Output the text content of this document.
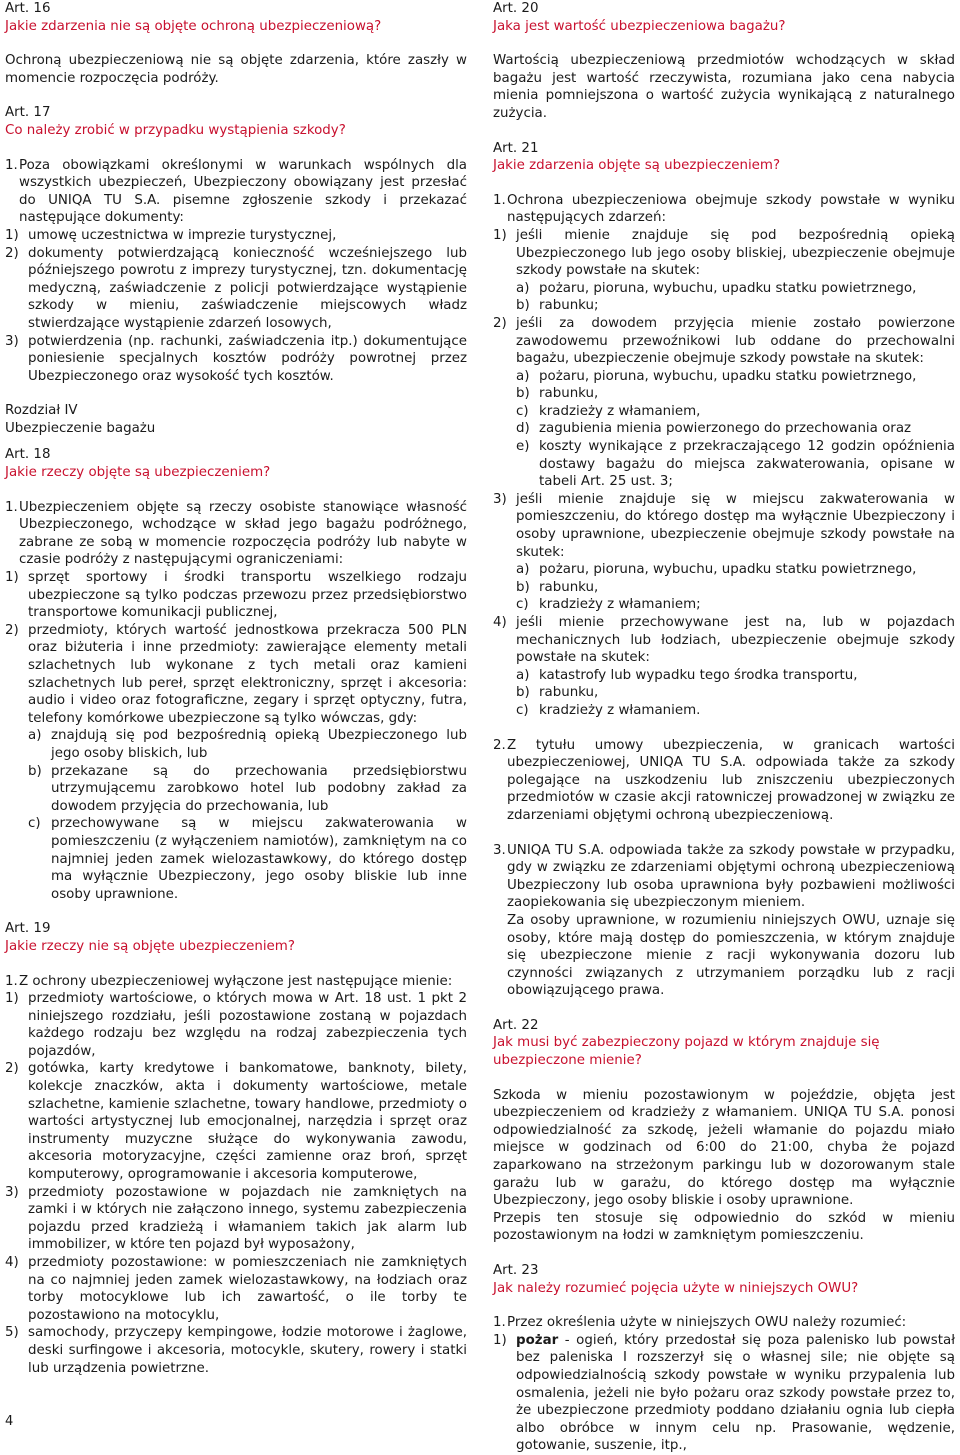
Art. 16
Jakie zdarzenia nie są objęte ochroną ubezpieczeniową?

Ochroną ubezpieczeniową nie są objęte zdarzenia, które zaszły w momencie rozpoczęcia podróży.

Art. 17
Co należy zrobić w przypadku wystąpienia szkody?
1. Poza obowiązkami określonymi w warunkach wspólnych dla wszystkich ubezpieczeń, Ubezpieczony obowiązany jest przesłać do UNIQA TU S.A. pisemne zgłoszenie szkody i przekazać następujące dokumenty:
1) umowę uczestnictwa w imprezie turystycznej,
2) dokumenty potwierdzającą konieczność wcześniejszego lub późniejszego powrotu z imprezy turystycznej, tzn. dokumentację medyczną, zaświadczenie z policji potwierdzające wystąpienie szkody w mieniu, zaświadczenie miejscowych władz stwierdzające wystąpienie zdarzeń losowych,
3) potwierdzenia (np. rachunki, zaświadczenia itp.) dokumentujące poniesienie specjalnych kosztów podróży powrotnej przez Ubezpieczonego oraz wysokość tych kosztów.
Rozdział IV
Ubezpieczenie bagażu
Art. 18
Jakie rzeczy objęte są ubezpieczeniem?
1. Ubezpieczeniem objęte są rzeczy osobiste stanowiące własność Ubezpieczonego, wchodzące w skład jego bagażu podróżnego, zabrane ze sobą w momencie rozpoczęcia podróży lub nabyte w czasie podróży z następującymi ograniczeniami:
1) sprzęt sportowy i środki transportu wszelkiego rodzaju ubezpieczone są tylko podczas przewozu przez przedsiębiorstwo transportowe komunikacji publicznej,
2) przedmioty, których wartość jednostkowa przekracza 500 PLN oraz biżuteria i inne przedmioty: zawierające elementy metali szlachetnych lub wykonane z tych metali oraz kamieni szlachetnych lub pereł, sprzęt elektroniczny, sprzęt i akcesoria: audio i video oraz fotograficzne, zegary i sprzęt optyczny, futra, telefony komórkowe ubezpieczone są tylko wówczas, gdy:
a) znajdują się pod bezpośrednią opieką Ubezpieczonego lub jego osoby bliskich, lub
b) przekazane są do przechowania przedsiębiorstwu utrzymującemu zarobkowo hotel lub podobny zakład za dowodem przyjęcia do przechowania, lub
c) przechowywane są w miejscu zakwaterowania w pomieszczeniu (z wyłączeniem namiotów), zamkniętym na co najmniej jeden zamek wielozastawkowy, do którego dostęp ma wyłącznie Ubezpieczony, jego osoby bliskie lub inne osoby uprawnione.
Art. 19
Jakie rzeczy nie są objęte ubezpieczeniem?
1. Z ochrony ubezpieczeniowej wyłączone jest następujące mienie:
1) przedmioty wartościowe, o których mowa w Art. 18 ust. 1 pkt 2 niniejszego rozdziału, jeśli pozostawione zostaną w pojazdach każdego rodzaju bez względu na rodzaj zabezpieczenia tych pojazdów,
2) gotówka, karty kredytowe i bankomatowe, banknoty, bilety, kolekcje znaczków, akta i dokumenty wartościowe, metale szlachetne, kamienie szlachetne, towary handlowe, przedmioty o wartości artystycznej lub emocjonalnej, narzędzia i sprzęt oraz instrumenty muzyczne służące do wykonywania zawodu, akcesoria motoryzacyjne, części zamienne oraz broń, sprzęt komputerowy, oprogramowanie i akcesoria komputerowe,
3) przedmioty pozostawione w pojazdach nie zamkniętych na zamki i w których nie załączono innego, systemu zabezpieczenia pojazdu przed kradzieżą i włamaniem takich jak alarm lub immobilizer, w które ten pojazd był wyposażony,
4) przedmioty pozostawione: w pomieszczeniach nie zamkniętych na co najmniej jeden zamek wielozastawkowy, na łodziach oraz torby motocyklowe lub ich zawartość, o ile torby te pozostawiono na motocyklu,
5) samochody, przyczepy kempingowe, łodzie motorowe i żaglowe, deski surfingowe i akcesoria, motocykle, skutery, rowery i statki lub urządzenia powietrzne.
Art. 20
Jaka jest wartość ubezpieczeniowa bagażu?

Wartością ubezpieczeniową przedmiotów wchodzących w skład bagażu jest wartość rzeczywista, rozumiana jako cena nabycia mienia pomniejszona o wartość zużycia wynikającą z naturalnego zużycia.

Art. 21
Jakie zdarzenia objęte są ubezpieczeniem?
1. Ochrona ubezpieczeniowa obejmuje szkody powstałe w wyniku następujących zdarzeń:
1) jeśli mienie znajduje się pod bezpośrednią opieką Ubezpieczonego lub jego osoby bliskiej, ubezpieczenie obejmuje szkody powstałe na skutek:
a) pożaru, pioruna, wybuchu, upadku statku powietrznego,
b) rabunku;
2) jeśli za dowodem przyjęcia mienie zostało powierzone zawodowemu przewoźnikowi lub oddane do przechowalni bagażu, ubezpieczenie obejmuje szkody powstałe na skutek:
a) pożaru, pioruna, wybuchu, upadku statku powietrznego,
b) rabunku,
c) kradzieży z włamaniem,
d) zagubienia mienia powierzonego do przechowania oraz
e) koszty wynikające z przekraczającego 12 godzin opóźnienia dostawy bagażu do miejsca zakwaterowania, opisane w tabeli Art. 25 ust. 3;
3) jeśli mienie znajduje się w miejscu zakwaterowania w pomieszczeniu, do którego dostęp ma wyłącznie Ubezpieczony i osoby uprawnione, ubezpieczenie obejmuje szkody powstałe na skutek:
a) pożaru, pioruna, wybuchu, upadku statku powietrznego,
b) rabunku,
c) kradzieży z włamaniem;
4) jeśli mienie przechowywane jest na, lub w pojazdach mechanicznych lub łodziach, ubezpieczenie obejmuje szkody powstałe na skutek:
a) katastrofy lub wypadku tego środka transportu,
b) rabunku,
c) kradzieży z włamaniem.
2. Z tytułu umowy ubezpieczenia, w granicach wartości ubezpieczeniowej, UNIQA TU S.A. odpowiada także za szkody polegające na uszkodzeniu lub zniszczeniu ubezpieczonych przedmiotów w czasie akcji ratowniczej prowadzonej w związku ze zdarzeniami objętymi ochroną ubezpieczeniową.
3. UNIQA TU S.A. odpowiada także za szkody powstałe w przypadku, gdy w związku ze zdarzeniami objętymi ochroną ubezpieczeniową Ubezpieczony lub osoba uprawniona były pozbawieni możliwości zaopiekowania się ubezpieczonym mieniem.
Za osoby uprawnione, w rozumieniu niniejszych OWU, uznaje się osoby, które mają dostęp do pomieszczenia, w którym znajduje się ubezpieczone mienie z racji wykonywania dozoru lub czynności związanych z utrzymaniem porządku lub z racji obowiązującego prawa.
Art. 22
Jak musi być zabezpieczony pojazd w którym znajduje się ubezpieczone mienie?

Szkoda w mieniu pozostawionym w pojeździe, objęta jest ubezpieczeniem od kradzieży z włamaniem. UNIQA TU S.A. ponosi odpowiedzialność za szkodę, jeżeli włamanie do pojazdu miało miejsce w godzinach od 6:00 do 21:00, chyba że pojazd zaparkowano na strzeżonym parkingu lub w dozorowanym stale garażu lub w garażu, do którego dostęp ma wyłącznie Ubezpieczony, jego osoby bliskie i osoby uprawnione.

Przepis ten stosuje się odpowiednio do szkód w mieniu pozostawionym na łodzi w zamkniętym pomieszczeniu.

Art. 23
Jak należy rozumieć pojęcia użyte w niniejszych OWU?
1. Przez określenia użyte w niniejszych OWU należy rozumieć:
1) pożar - ogień, który przedostał się poza palenisko lub powstał bez paleniska I rozszerzył się o własnej sile; nie objęte są odpowiedzialnością szkody powstałe w wyniku przypalenia lub osmalenia, jeżeli nie było pożaru oraz szkody powstałe przez to, że ubezpieczone przedmioty poddano działaniu ognia lub ciepła albo obróbce w innym celu np. Prasowanie, wędzenie, gotowanie, suszenie, itp.,
4
